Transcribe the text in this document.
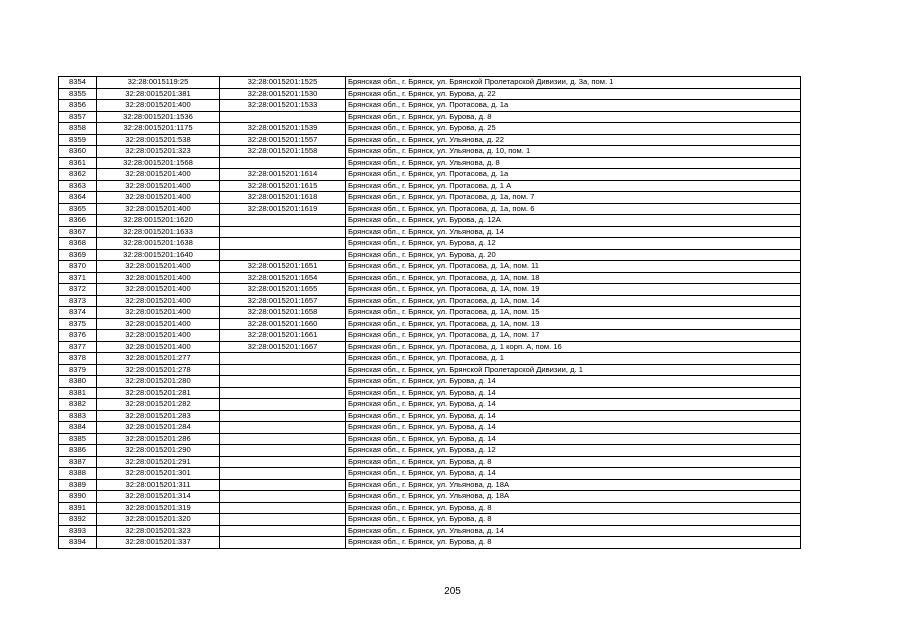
8354	32:28:0015119:25	32:28:0015201:1525	Брянская обл., г. Брянск, ул. Брянской Пролетарской Дивизии, д. 3а, пом. 1
8355	32:28:0015201:381	32:28:0015201:1530	Брянская обл., г. Брянск, ул. Бурова, д. 22
8356	32:28:0015201:400	32:28:0015201:1533	Брянская обл., г. Брянск, ул. Протасова, д. 1а
8357	32:28:0015201:1536		Брянская обл., г. Брянск, ул. Бурова, д. 8
8358	32:28:0015201:1175	32:28:0015201:1539	Брянская обл., г. Брянск, ул. Бурова, д. 25
8359	32:28:0015201:538	32:28:0015201:1557	Брянская обл., г. Брянск, ул. Ульянова, д. 22
8360	32:28:0015201:323	32:28:0015201:1558	Брянская обл., г. Брянск, ул. Ульянова, д. 10, пом. 1
8361	32:28:0015201:1568		Брянская обл., г. Брянск, ул. Ульянова, д. 8
8362	32:28:0015201:400	32:28:0015201:1614	Брянская обл., г. Брянск, ул. Протасова, д. 1а
8363	32:28:0015201:400	32:28:0015201:1615	Брянская обл., г. Брянск, ул. Протасова, д. 1 А
8364	32:28:0015201:400	32:28:0015201:1618	Брянская обл., г. Брянск, ул. Протасова, д. 1а, пом. 7
8365	32:28:0015201:400	32:28:0015201:1619	Брянская обл., г. Брянск, ул. Протасова, д. 1а, пом. 6
8366	32:28:0015201:1620		Брянская обл., г. Брянск, ул. Бурова, д. 12А
8367	32:28:0015201:1633		Брянская обл., г. Брянск, ул. Ульянова, д. 14
8368	32:28:0015201:1638		Брянская обл., г. Брянск, ул. Бурова, д. 12
8369	32:28:0015201:1640		Брянская обл., г. Брянск, ул. Бурова, д. 20
8370	32:28:0015201:400	32:28:0015201:1651	Брянская обл., г. Брянск, ул. Протасова, д. 1А, пом. 11
8371	32:28:0015201:400	32:28:0015201:1654	Брянская обл., г. Брянск, ул. Протасова, д. 1А, пом. 18
8372	32:28:0015201:400	32:28:0015201:1655	Брянская обл., г. Брянск, ул. Протасова, д. 1А, пом. 19
8373	32:28:0015201:400	32:28:0015201:1657	Брянская обл., г. Брянск, ул. Протасова, д. 1А, пом. 14
8374	32:28:0015201:400	32:28:0015201:1658	Брянская обл., г. Брянск, ул. Протасова, д. 1А, пом. 15
8375	32:28:0015201:400	32:28:0015201:1660	Брянская обл., г. Брянск, ул. Протасова, д. 1А, пом. 13
8376	32:28:0015201:400	32:28:0015201:1661	Брянская обл., г. Брянск, ул. Протасова, д. 1А, пом. 17
8377	32:28:0015201:400	32:28:0015201:1667	Брянская обл., г. Брянск, ул. Протасова, д. 1 корп. А, пом. 16
8378	32:28:0015201:277		Брянская обл., г. Брянск, ул. Протасова, д. 1
8379	32:28:0015201:278		Брянская обл., г. Брянск, ул. Брянской Пролетарской Дивизии, д. 1
8380	32:28:0015201:280		Брянская обл., г. Брянск, ул. Бурова, д. 14
8381	32:28:0015201:281		Брянская обл., г. Брянск, ул. Бурова, д. 14
8382	32:28:0015201:282		Брянская обл., г. Брянск, ул. Бурова, д. 14
8383	32:28:0015201:283		Брянская обл., г. Брянск, ул. Бурова, д. 14
8384	32:28:0015201:284		Брянская обл., г. Брянск, ул. Бурова, д. 14
8385	32:28:0015201:286		Брянская обл., г. Брянск, ул. Бурова, д. 14
8386	32:28:0015201:290		Брянская обл., г. Брянск, ул. Бурова, д. 12
8387	32:28:0015201:291		Брянская обл., г. Брянск, ул. Бурова, д. 8
8388	32:28:0015201:301		Брянская обл., г. Брянск, ул. Бурова, д. 14
8389	32:28:0015201:311		Брянская обл., г. Брянск, ул. Ульянова, д. 18А
8390	32:28:0015201:314		Брянская обл., г. Брянск, ул. Ульянова, д. 18А
8391	32:28:0015201:319		Брянская обл., г. Брянск, ул. Бурова, д. 8
8392	32:28:0015201:320		Брянская обл., г. Брянск, ул. Бурова, д. 8
8393	32:28:0015201:323		Брянская обл., г. Брянск, ул. Ульянова, д. 14
8394	32:28:0015201:337		Брянская обл., г. Брянск, ул. Бурова, д. 8
205
